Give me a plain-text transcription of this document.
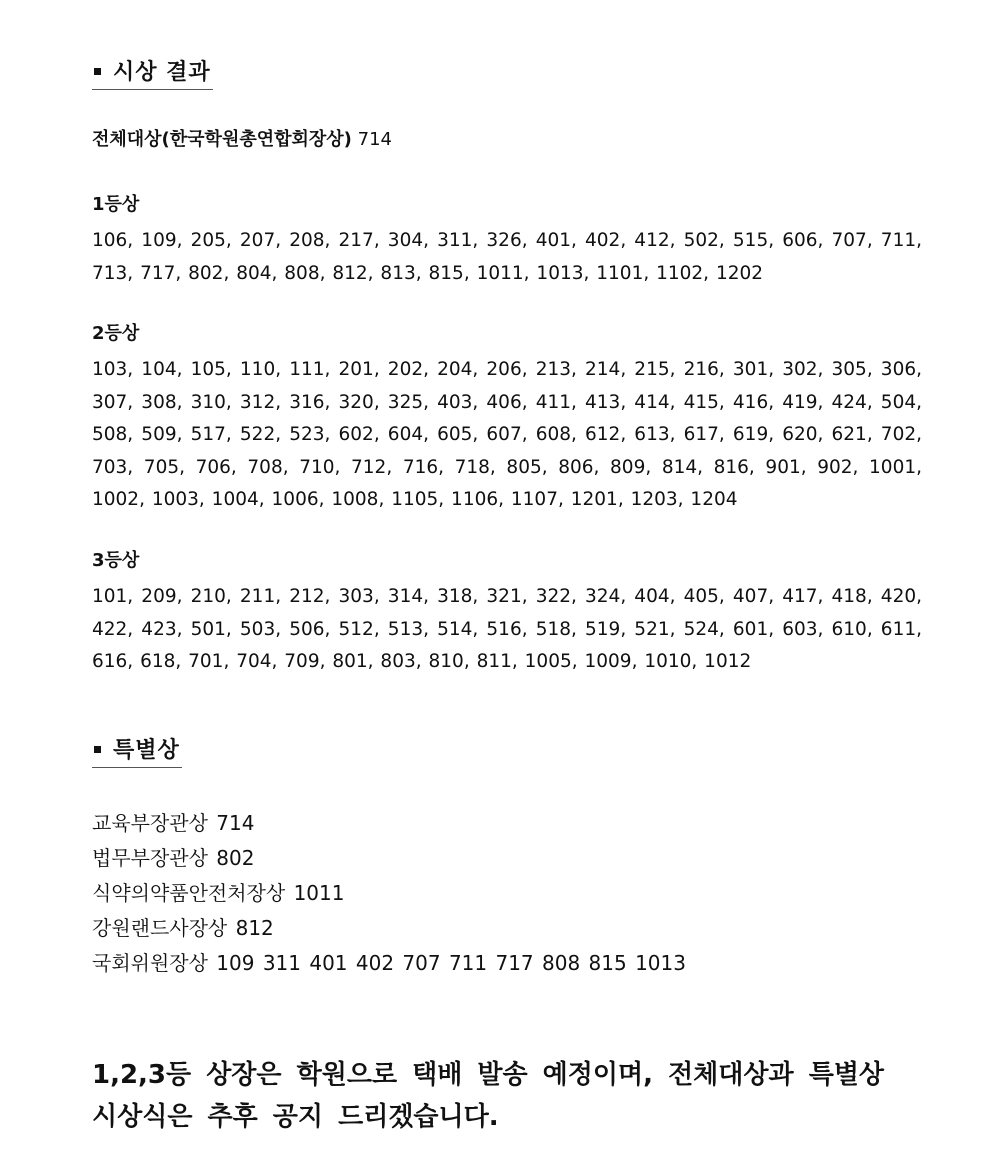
시상 결과
전체대상(한국학원총연합회장상) 714
1등상
106, 109, 205, 207, 208, 217, 304, 311, 326, 401, 402, 412, 502, 515, 606, 707, 711, 713, 717, 802, 804, 808, 812, 813, 815, 1011, 1013, 1101, 1102, 1202
2등상
103, 104, 105, 110, 111, 201, 202, 204, 206, 213, 214, 215, 216, 301, 302, 305, 306, 307, 308, 310, 312, 316, 320, 325, 403, 406, 411, 413, 414, 415, 416, 419, 424, 504, 508, 509, 517, 522, 523, 602, 604, 605, 607, 608, 612, 613, 617, 619, 620, 621, 702, 703, 705, 706, 708, 710, 712, 716, 718, 805, 806, 809, 814, 816, 901, 902, 1001, 1002, 1003, 1004, 1006, 1008, 1105, 1106, 1107, 1201, 1203, 1204
3등상
101, 209, 210, 211, 212, 303, 314, 318, 321, 322, 324, 404, 405, 407, 417, 418, 420, 422, 423, 501, 503, 506, 512, 513, 514, 516, 518, 519, 521, 524, 601, 603, 610, 611, 616, 618, 701, 704, 709, 801, 803, 810, 811, 1005, 1009, 1010, 1012
특별상
교육부장관상 714
법무부장관상 802
식약의약품안전처장상 1011
강원랜드사장상 812
국회위원장상 109 311 401 402 707 711 717 808 815 1013
1,2,3등 상장은 학원으로 택배 발송 예정이며, 전체대상과 특별상 시상식은 추후 공지 드리겠습니다.
